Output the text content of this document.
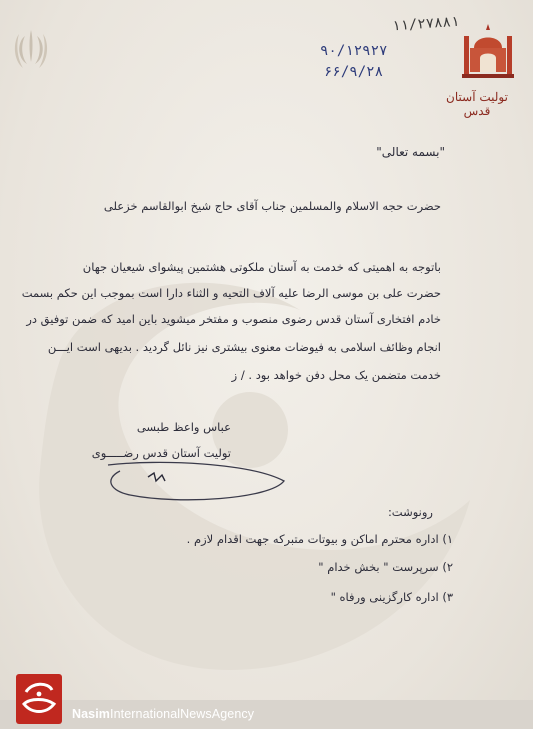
۱۱/۲۷۸۸۱
۹۰/۱۲۹۲۷
۶۶/۹/۲۸
تولیت آستان قدس
"بسمه تعالی"
حضرت حجه الاسلام والمسلمین جناب آقای حاج شیخ ابوالقاسم خزعلی
باتوجه به اهمیتی که خدمت به آستان ملکوتی هشتمین پیشوای شیعیان جهان
حضرت علی بن موسی الرضا علیه آلاف التحیه و الثناء دارا است بموجب این حکم بسمت
خادم افتخاری آستان قدس رضوی منصوب و مفتخر میشوید باین امید که ضمن توفیق در
انجام وظائف اسلامی به فیوضات معنوی بیشتری نیز نائل گردید . بدیهی است ایـــن
خدمت متضمن یک محل دفن خواهد بود . / ز
عباس واعظ طبسی
تولیت آستان قدس رضـــــوی
رونوشت:
۱) اداره محترم اماکن و بیوتات متبرکه جهت اقدام لازم .
۲) سرپرست " بخش خدام "
۳) اداره کارگزینی ورفاه "
NasimInternationalNewsAgency
